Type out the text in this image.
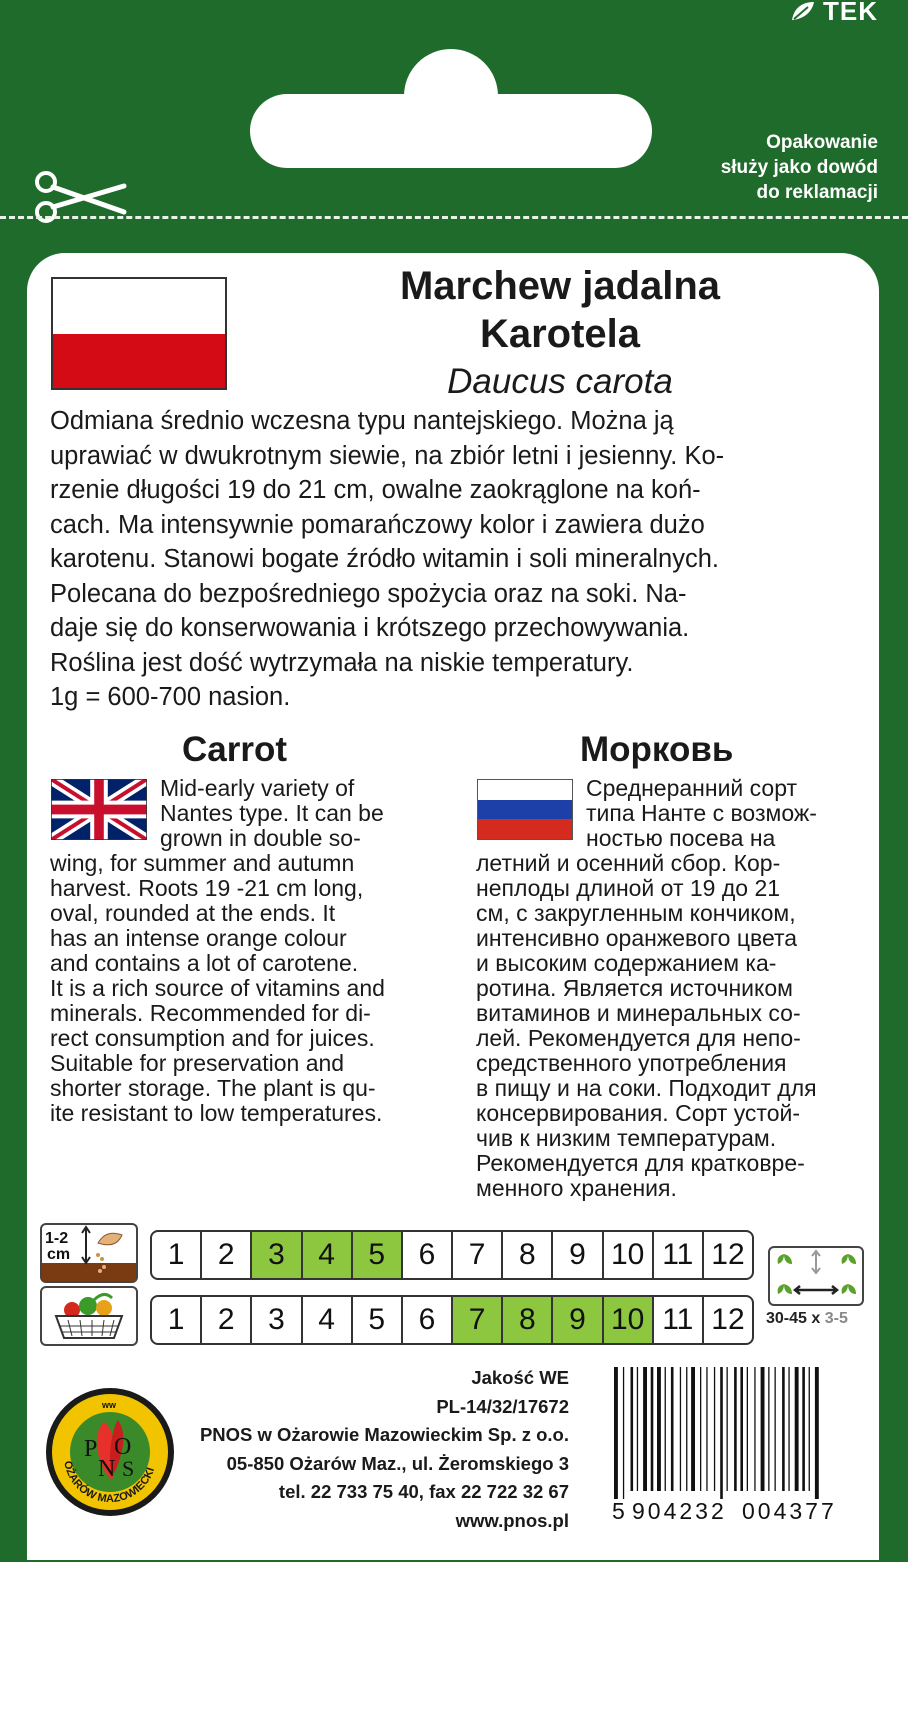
TEK
Opakowanie
służy jako dowód
do reklamacji
Marchew jadalna
Karotela
Daucus carota

Odmiana średnio wczesna typu nantejskiego. Można ją
uprawiać w dwukrotnym siewie, na zbiór letni i jesienny. Ko-
rzenie długości 19 do 21 cm, owalne zaokrąglone na koń-
cach. Ma intensywnie pomarańczowy kolor i zawiera dużo
karotenu. Stanowi bogate źródło witamin i soli mineralnych.
Polecana do bezpośredniego spożycia oraz na soki. Na-
daje się do konserwowania i krótszego przechowywania.
Roślina jest dość wytrzymała na niskie temperatury.
1g = 600-700 nasion.

Carrot	Морковь

Mid-early variety of
Nantes type. It can be
grown in double so-
wing, for summer and autumn
harvest. Roots 19 -21 cm long,
oval, rounded at the ends. It
has an intense orange colour
and contains a lot of carotene.
It is a rich source of vitamins and
minerals. Recommended for di-
rect consumption and for juices.
Suitable for preservation and
shorter storage. The plant is qu-
ite resistant to low temperatures.

Среднеранний сорт
типа Нанте с возмож-
ностью посева на
летний и осенний сбор. Кор-
неплоды длиной от 19 до 21
см, с закругленным кончиком,
интенсивно оранжевого цвета
и высоким содержанием ка-
ротина. Является источником
витаминов и минеральных со-
лей. Рекомендуется для непо-
средственного употребления
в пищу и на соки. Подходит для
консервирования. Сорт устой-
чив к низким температурам.
Рекомендуется для кратковре-
менного хранения.

1-2
cm	1	2	3	4	5	6	7	8	9 10 11 12
1	2	3	4	5	6	7	8	9 10 11 12	30-45 x 3-5
P
N
O
S
OŻARÓW MAZOWIECKI
ww
Jakość WE
PL-14/32/17672
PNOS w Ożarowie Mazowieckim Sp. z o.o.
05-850 Ożarów Maz., ul. Żeromskiego 3
tel. 22 733 75 40, fax 22 722 32 67
www.pnos.pl 5 904232 004377
